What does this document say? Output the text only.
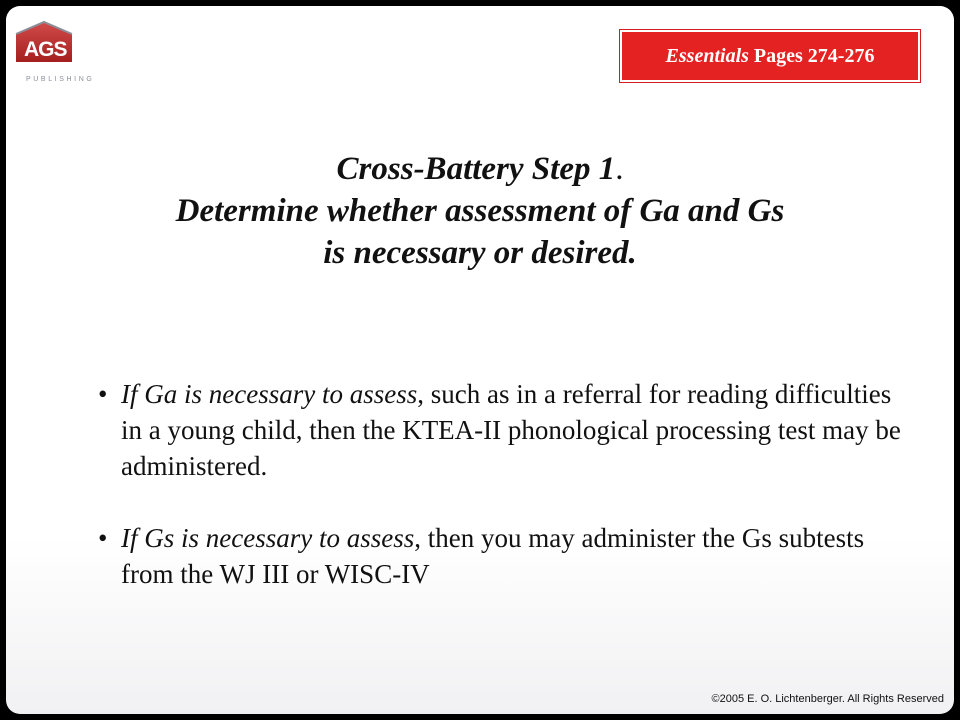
AGS
PUBLISHING
Essentials Pages 274-276
Cross-Battery Step 1.
Determine whether assessment of Ga and Gs
is necessary or desired.
• If Ga is necessary to assess, such as in a referral for reading difficulties in a young child, then the KTEA-II phonological processing test may be administered.
• If Gs is necessary to assess, then you may administer the Gs subtests from the WJ III or WISC-IV
©2005 E. O. Lichtenberger. All Rights Reserved
